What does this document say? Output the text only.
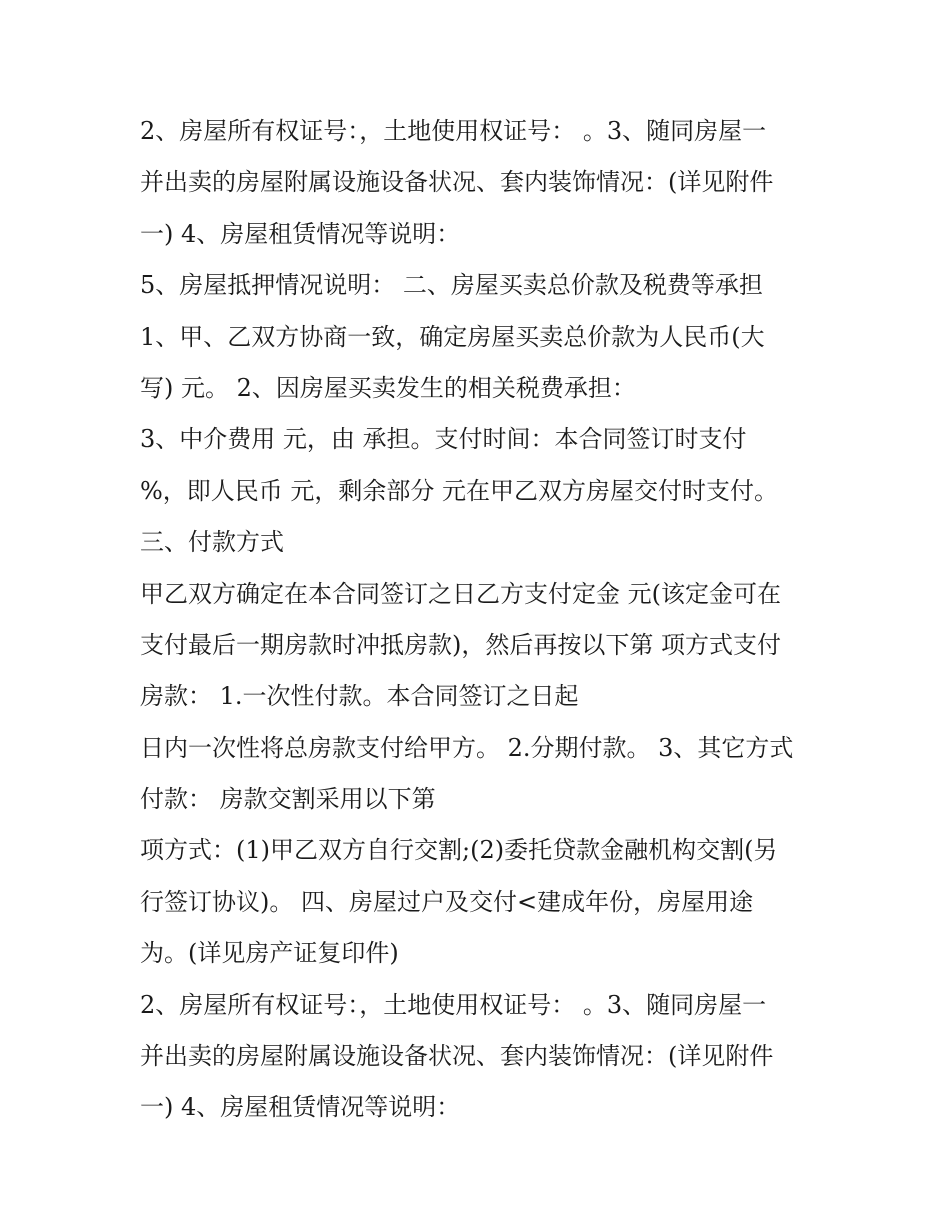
2、房屋所有权证号：，土地使用权证号： 。3、随同房屋一
并出卖的房屋附属设施设备状况、套内装饰情况：(详见附件
一) 4、房屋租赁情况等说明：
5、房屋抵押情况说明： 二、房屋买卖总价款及税费等承担
1、甲、乙双方协商一致，确定房屋买卖总价款为人民币(大
写) 元。 2、因房屋买卖发生的相关税费承担：
3、中介费用 元，由 承担。支付时间：本合同签订时支付
%，即人民币 元，剩余部分 元在甲乙双方房屋交付时支付。
三、付款方式
甲乙双方确定在本合同签订之日乙方支付定金 元(该定金可在
支付最后一期房款时冲抵房款)，然后再按以下第 项方式支付
房款： 1.一次性付款。本合同签订之日起
日内一次性将总房款支付给甲方。 2.分期付款。 3、其它方式
付款： 房款交割采用以下第
项方式：(1)甲乙双方自行交割;(2)委托贷款金融机构交割(另
行签订协议)。 四、房屋过户及交付<建成年份，房屋用途
为。(详见房产证复印件)
2、房屋所有权证号：，土地使用权证号： 。3、随同房屋一
并出卖的房屋附属设施设备状况、套内装饰情况：(详见附件
一) 4、房屋租赁情况等说明：
